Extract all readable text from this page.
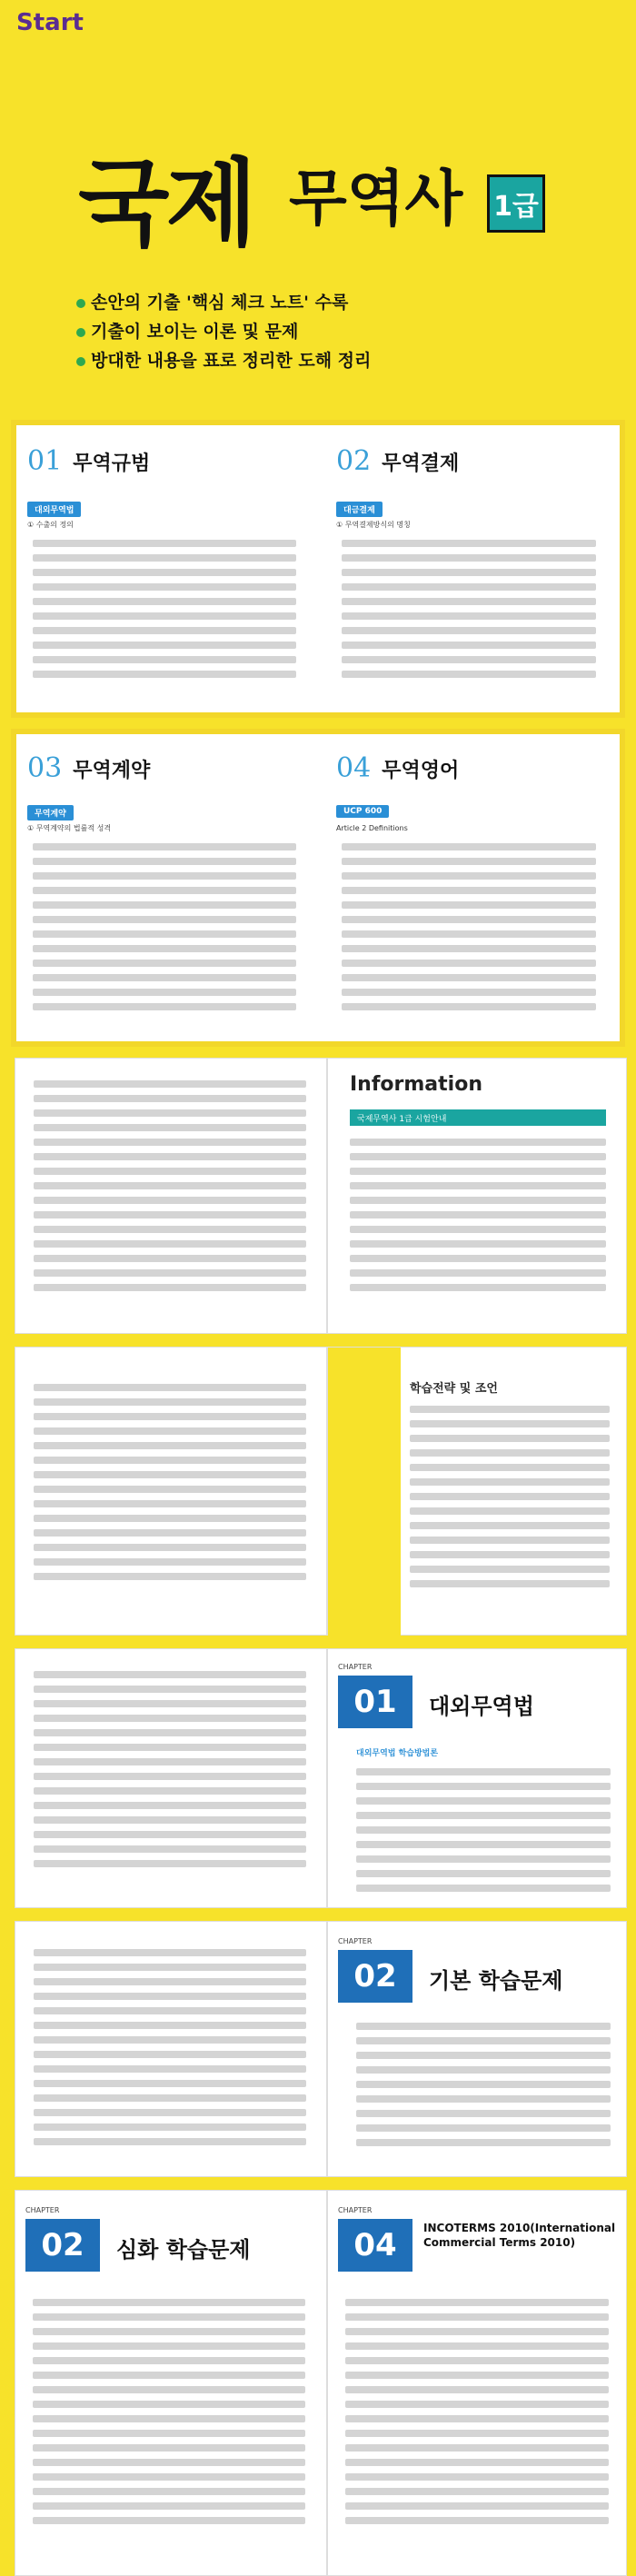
Start
국제 무역사 1급
손안의 기출 '핵심 체크 노트' 수록
기출이 보이는 이론 및 문제
방대한 내용을 표로 정리한 도해 정리
01 무역규범	02 무역결제
대외무역법	대금결제
① 수출의 정의	① 무역결제방식의 명칭
03 무역계약	04 무역영어
무역계약	UCP 600
① 무역계약의 법률적 성격	Article 2 Definitions
Information
국제무역사 1급 시험안내
학습전략 및 조언
CHAPTER
01	대외무역법
대외무역법 학습방법론
CHAPTER
02	기본 학습문제
CHAPTER
02	심화 학습문제
CHAPTER
04	INCOTERMS 2010(International Commercial Terms 2010)
